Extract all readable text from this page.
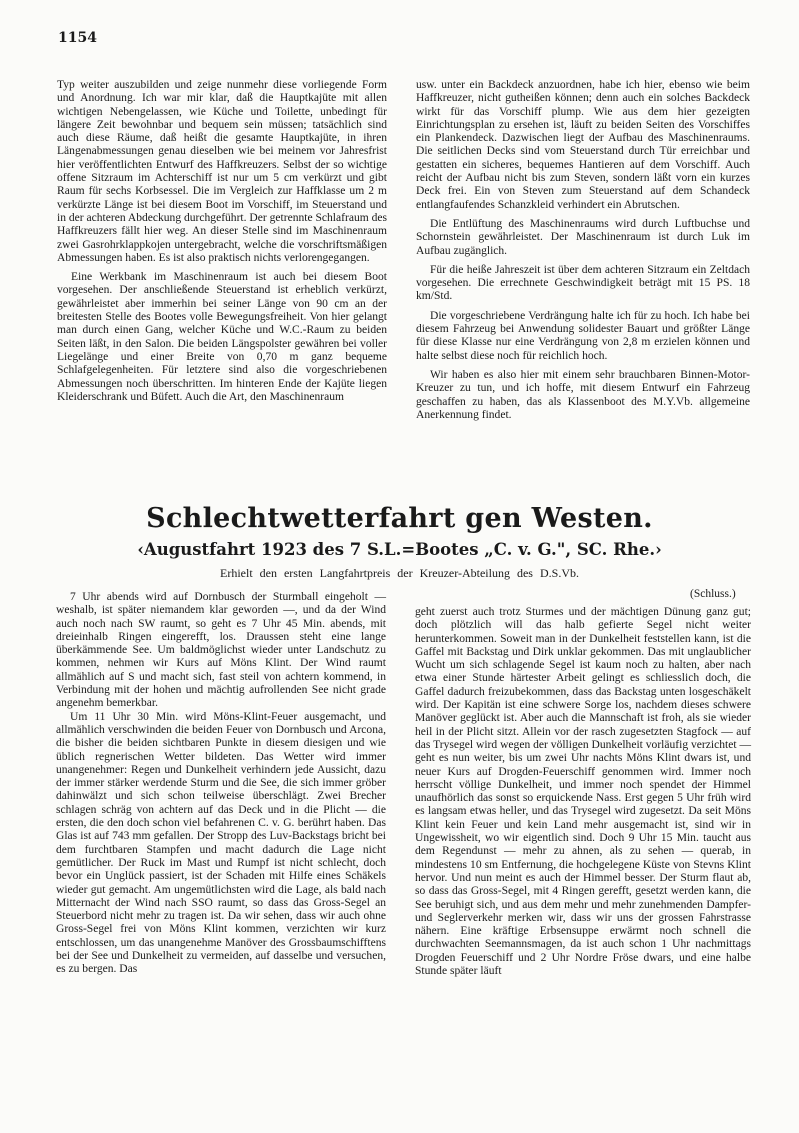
1154

Typ weiter auszubilden und zeige nunmehr diese vorliegende Form und Anordnung. Ich war mir klar, daß die Hauptkajüte mit allen wichtigen Nebengelassen, wie Küche und Toilette, unbedingt für längere Zeit bewohnbar und bequem sein müssen; tatsächlich sind auch diese Räume, daß heißt die gesamte Hauptkajüte, in ihren Längenabmessungen genau dieselben wie bei meinem vor Jahresfrist hier veröffentlichten Entwurf des Haffkreuzers. Selbst der so wichtige offene Sitzraum im Achterschiff ist nur um 5 cm verkürzt und gibt Raum für sechs Korbsessel. Die im Vergleich zur Haffklasse um 2 m verkürzte Länge ist bei diesem Boot im Vorschiff, im Steuerstand und in der achteren Abdeckung durchgeführt. Der getrennte Schlafraum des Haffkreuzers fällt hier weg. An dieser Stelle sind im Maschinenraum zwei Gasrohrklappkojen untergebracht, welche die vorschriftsmäßigen Abmessungen haben. Es ist also praktisch nichts verlorengegangen.

Eine Werkbank im Maschinenraum ist auch bei diesem Boot vorgesehen. Der anschließende Steuerstand ist erheblich verkürzt, gewährleistet aber immerhin bei seiner Länge von 90 cm an der breitesten Stelle des Bootes volle Bewegungsfreiheit. Von hier gelangt man durch einen Gang, welcher Küche und W.C.-Raum zu beiden Seiten läßt, in den Salon. Die beiden Längspolster gewähren bei voller Liegelänge und einer Breite von 0,70 m ganz bequeme Schlafgelegenheiten. Für letztere sind also die vorgeschriebenen Abmessungen noch überschritten. Im hinteren Ende der Kajüte liegen Kleiderschrank und Büfett. Auch die Art, den Maschinenraum

usw. unter ein Backdeck anzuordnen, habe ich hier, ebenso wie beim Haffkreuzer, nicht gutheißen können; denn auch ein solches Backdeck wirkt für das Vorschiff plump. Wie aus dem hier gezeigten Einrichtungsplan zu ersehen ist, läuft zu beiden Seiten des Vorschiffes ein Plankendeck. Dazwischen liegt der Aufbau des Maschinenraums. Die seitlichen Decks sind vom Steuerstand durch Tür erreichbar und gestatten ein sicheres, bequemes Hantieren auf dem Vorschiff. Auch reicht der Aufbau nicht bis zum Steven, sondern läßt vorn ein kurzes Deck frei. Ein von Steven zum Steuerstand auf dem Schandeck entlangfaufendes Schanzkleid verhindert ein Abrutschen.

Die Entlüftung des Maschinenraums wird durch Luftbuchse und Schornstein gewährleistet. Der Maschinenraum ist durch Luk im Aufbau zugänglich.

Für die heiße Jahreszeit ist über dem achteren Sitzraum ein Zeltdach vorgesehen. Die errechnete Geschwindigkeit beträgt mit 15 PS. 18 km/Std.

Die vorgeschriebene Verdrängung halte ich für zu hoch. Ich habe bei diesem Fahrzeug bei Anwendung solidester Bauart und größter Länge für diese Klasse nur eine Verdrängung von 2,8 m erzielen können und halte selbst diese noch für reichlich hoch.

Wir haben es also hier mit einem sehr brauchbaren Binnen-Motor-Kreuzer zu tun, und ich hoffe, mit diesem Entwurf ein Fahrzeug geschaffen zu haben, das als Klassenboot des M.Y.Vb. allgemeine Anerkennung findet.

Schlechtwetterfahrt gen Westen.
‹Augustfahrt 1923 des 7 S.L.=Bootes „C. v. G.", SC. Rhe.›
Erhielt den ersten Langfahrtpreis der Kreuzer-Abteilung des D.S.Vb.
(Schluss.)

7 Uhr abends wird auf Dornbusch der Sturmball eingeholt — weshalb, ist später niemandem klar geworden —, und da der Wind auch noch nach SW raumt, so geht es 7 Uhr 45 Min. abends, mit dreieinhalb Ringen eingerefft, los. Draussen steht eine lange überkämmende See. Um baldmöglichst wieder unter Landschutz zu kommen, nehmen wir Kurs auf Möns Klint. Der Wind raumt allmählich auf S und macht sich, fast steil von achtern kommend, in Verbindung mit der hohen und mächtig aufrollenden See nicht grade angenehm bemerkbar.

Um 11 Uhr 30 Min. wird Möns-Klint-Feuer ausgemacht, und allmählich verschwinden die beiden Feuer von Dornbusch und Arcona, die bisher die beiden sichtbaren Punkte in diesem diesigen und wie üblich regnerischen Wetter bildeten. Das Wetter wird immer unangenehmer: Regen und Dunkelheit verhindern jede Aussicht, dazu der immer stärker werdende Sturm und die See, die sich immer gröber dahinwälzt und sich schon teilweise überschlägt. Zwei Brecher schlagen schräg von achtern auf das Deck und in die Plicht — die ersten, die den doch schon viel befahrenen C. v. G. berührt haben. Das Glas ist auf 743 mm gefallen. Der Stropp des Luv-Backstags bricht bei dem furchtbaren Stampfen und macht dadurch die Lage nicht gemütlicher. Der Ruck im Mast und Rumpf ist nicht schlecht, doch bevor ein Unglück passiert, ist der Schaden mit Hilfe eines Schäkels wieder gut gemacht. Am ungemütlichsten wird die Lage, als bald nach Mitternacht der Wind nach SSO raumt, so dass das Gross-Segel an Steuerbord nicht mehr zu tragen ist. Da wir sehen, dass wir auch ohne Gross-Segel frei von Möns Klint kommen, verzichten wir kurz entschlossen, um das unangenehme Manöver des Grossbaumschifftens bei der See und Dunkelheit zu vermeiden, auf dasselbe und versuchen, es zu bergen. Das

geht zuerst auch trotz Sturmes und der mächtigen Dünung ganz gut; doch plötzlich will das halb gefierte Segel nicht weiter herunterkommen. Soweit man in der Dunkelheit feststellen kann, ist die Gaffel mit Backstag und Dirk unklar gekommen. Das mit unglaublicher Wucht um sich schlagende Segel ist kaum noch zu halten, aber nach etwa einer Stunde härtester Arbeit gelingt es schliesslich doch, die Gaffel dadurch freizubekommen, dass das Backstag unten losgeschäkelt wird. Der Kapitän ist eine schwere Sorge los, nachdem dieses schwere Manöver geglückt ist. Aber auch die Mannschaft ist froh, als sie wieder heil in der Plicht sitzt. Allein vor der rasch zugesetzten Stagfock — auf das Trysegel wird wegen der völligen Dunkelheit vorläufig verzichtet — geht es nun weiter, bis um zwei Uhr nachts Möns Klint dwars ist, und neuer Kurs auf Drogden-Feuerschiff genommen wird. Immer noch herrscht völlige Dunkelheit, und immer noch spendet der Himmel unaufhörlich das sonst so erquickende Nass. Erst gegen 5 Uhr früh wird es langsam etwas heller, und das Trysegel wird zugesetzt. Da seit Möns Klint kein Feuer und kein Land mehr ausgemacht ist, sind wir in Ungewissheit, wo wir eigentlich sind. Doch 9 Uhr 15 Min. taucht aus dem Regendunst — mehr zu ahnen, als zu sehen — querab, in mindestens 10 sm Entfernung, die hochgelegene Küste von Stevns Klint hervor. Und nun meint es auch der Himmel besser. Der Sturm flaut ab, so dass das Gross-Segel, mit 4 Ringen gerefft, gesetzt werden kann, die See beruhigt sich, und aus dem mehr und mehr zunehmenden Dampfer- und Seglerverkehr merken wir, dass wir uns der grossen Fahrstrasse nähern. Eine kräftige Erbsensuppe erwärmt noch schnell die durchwachten Seemannsmagen, da ist auch schon 1 Uhr nachmittags Drogden Feuerschiff und 2 Uhr Nordre Fröse dwars, und eine halbe Stunde später läuft
